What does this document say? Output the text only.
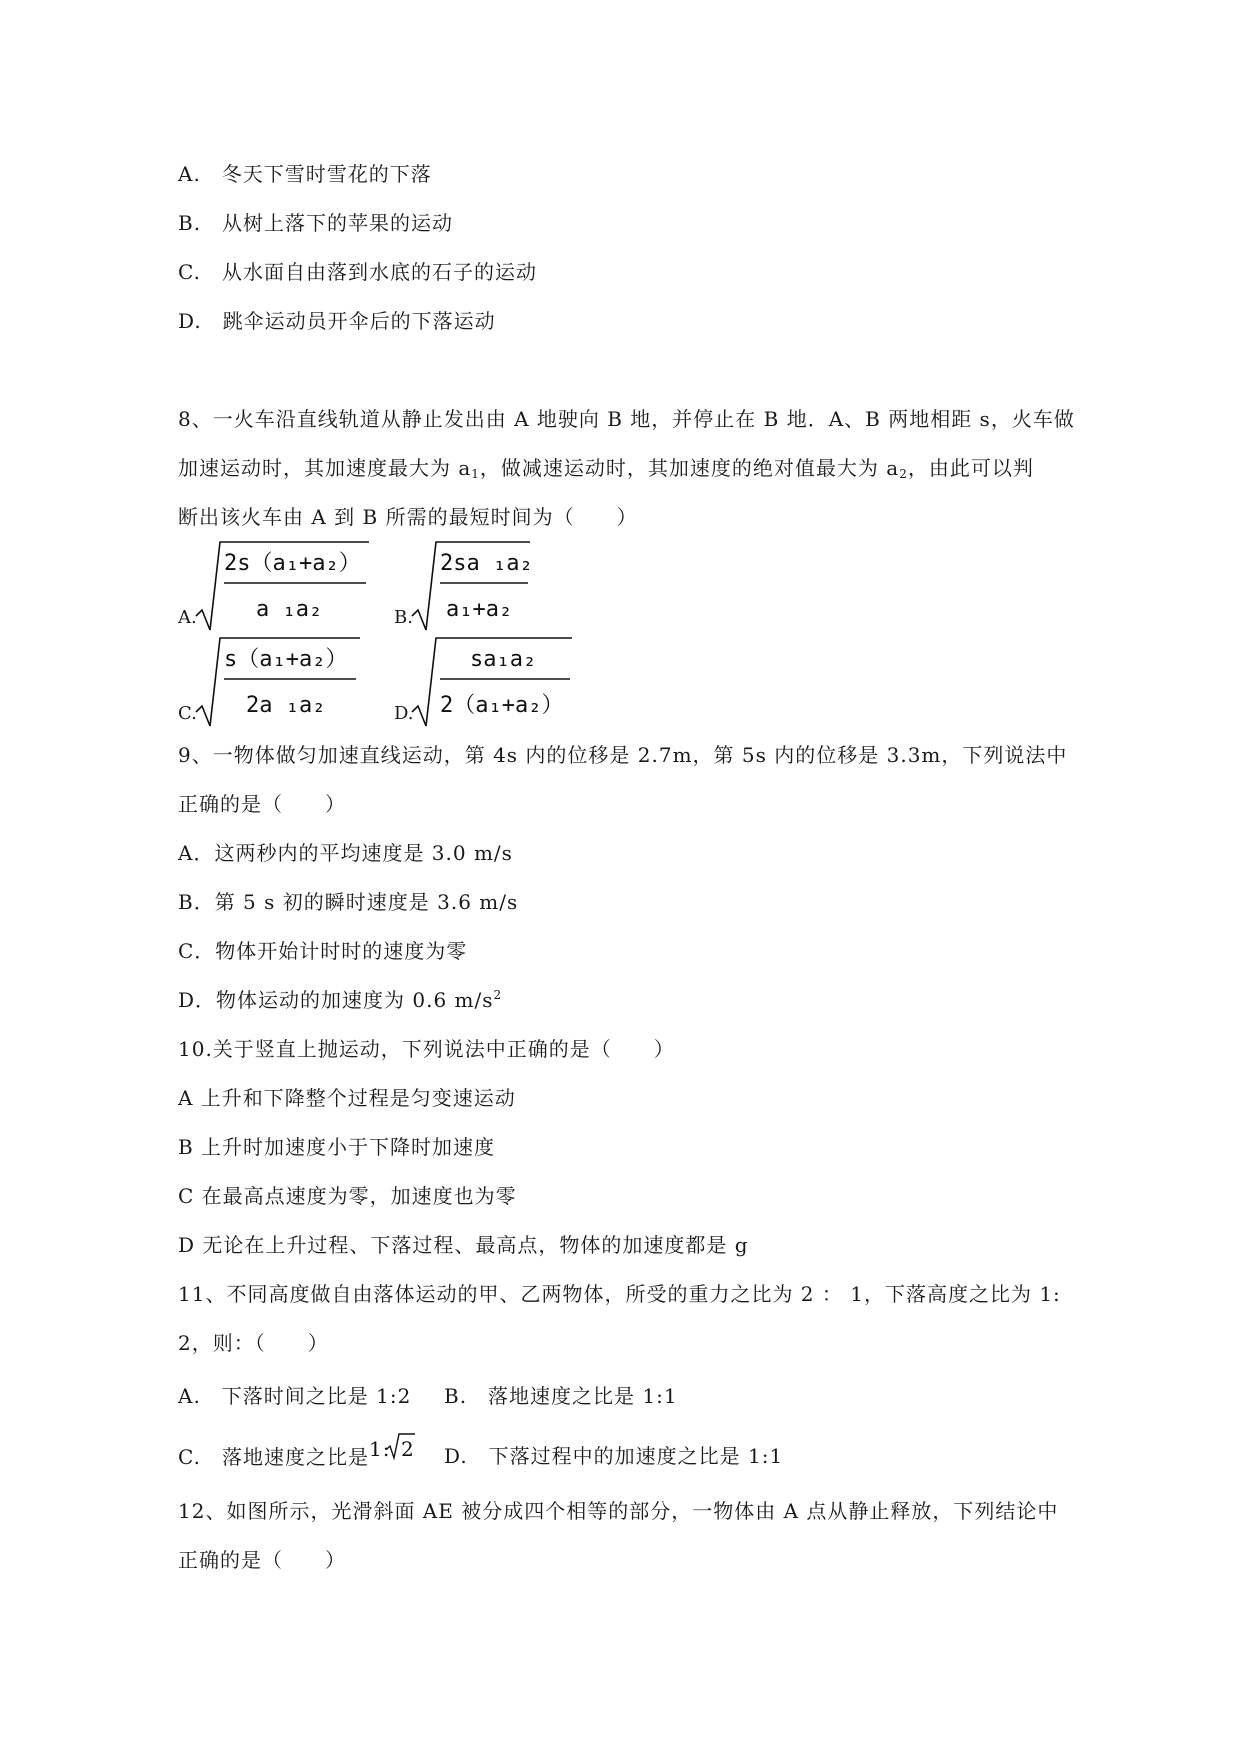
A.　 冬天下雪时雪花的下落
B.　 从树上落下的苹果的运动
C.　 从水面自由落到水底的石子的运动
D.　 跳伞运动员开伞后的下落运动
8、一火车沿直线轨道从静止发出由 A 地驶向 B 地，并停止在 B 地．A、B 两地相距 s，火车做
加速运动时，其加速度最大为 $a_1$，做减速运动时，其加速度的绝对值最大为 $a_2$，由此可以判
断出该火车由 A 到 B 所需的最短时间为（　　）
A.
2s（a₁+a₂）
a ₁a₂	B.
2sa ₁a₂
a₁+a₂
C.
s（a₁+a₂）
2a ₁a₂	D.
sa₁a₂
2（a₁+a₂）
9、一物体做匀加速直线运动，第 4s 内的位移是 2.7m，第 5s 内的位移是 3.3m，下列说法中
正确的是（　　）
A．这两秒内的平均速度是 3.0 m/s
B．第 5 s 初的瞬时速度是 3.6 m/s
C．物体开始计时时的速度为零
D．物体运动的加速度为 0.6 $m/s^2$
10.关于竖直上抛运动，下列说法中正确的是（　　）
A 上升和下降整个过程是匀变速运动
B 上升时加速度小于下降时加速度
C 在最高点速度为零，加速度也为零
D 无论在上升过程、下落过程、最高点，物体的加速度都是 g
11、不同高度做自由落体运动的甲、乙两物体，所受的重力之比为 2 ： 1，下落高度之比为 1:
2，则：（　　）
A.　下落时间之比是 1:2 B.　落地速度之比是 1:1
C.　落地速度之比是 1: 2 D.　下落过程中的加速度之比是 1:1
12、如图所示，光滑斜面 AE 被分成四个相等的部分，一物体由 A 点从静止释放，下列结论中
正确的是（　　）
